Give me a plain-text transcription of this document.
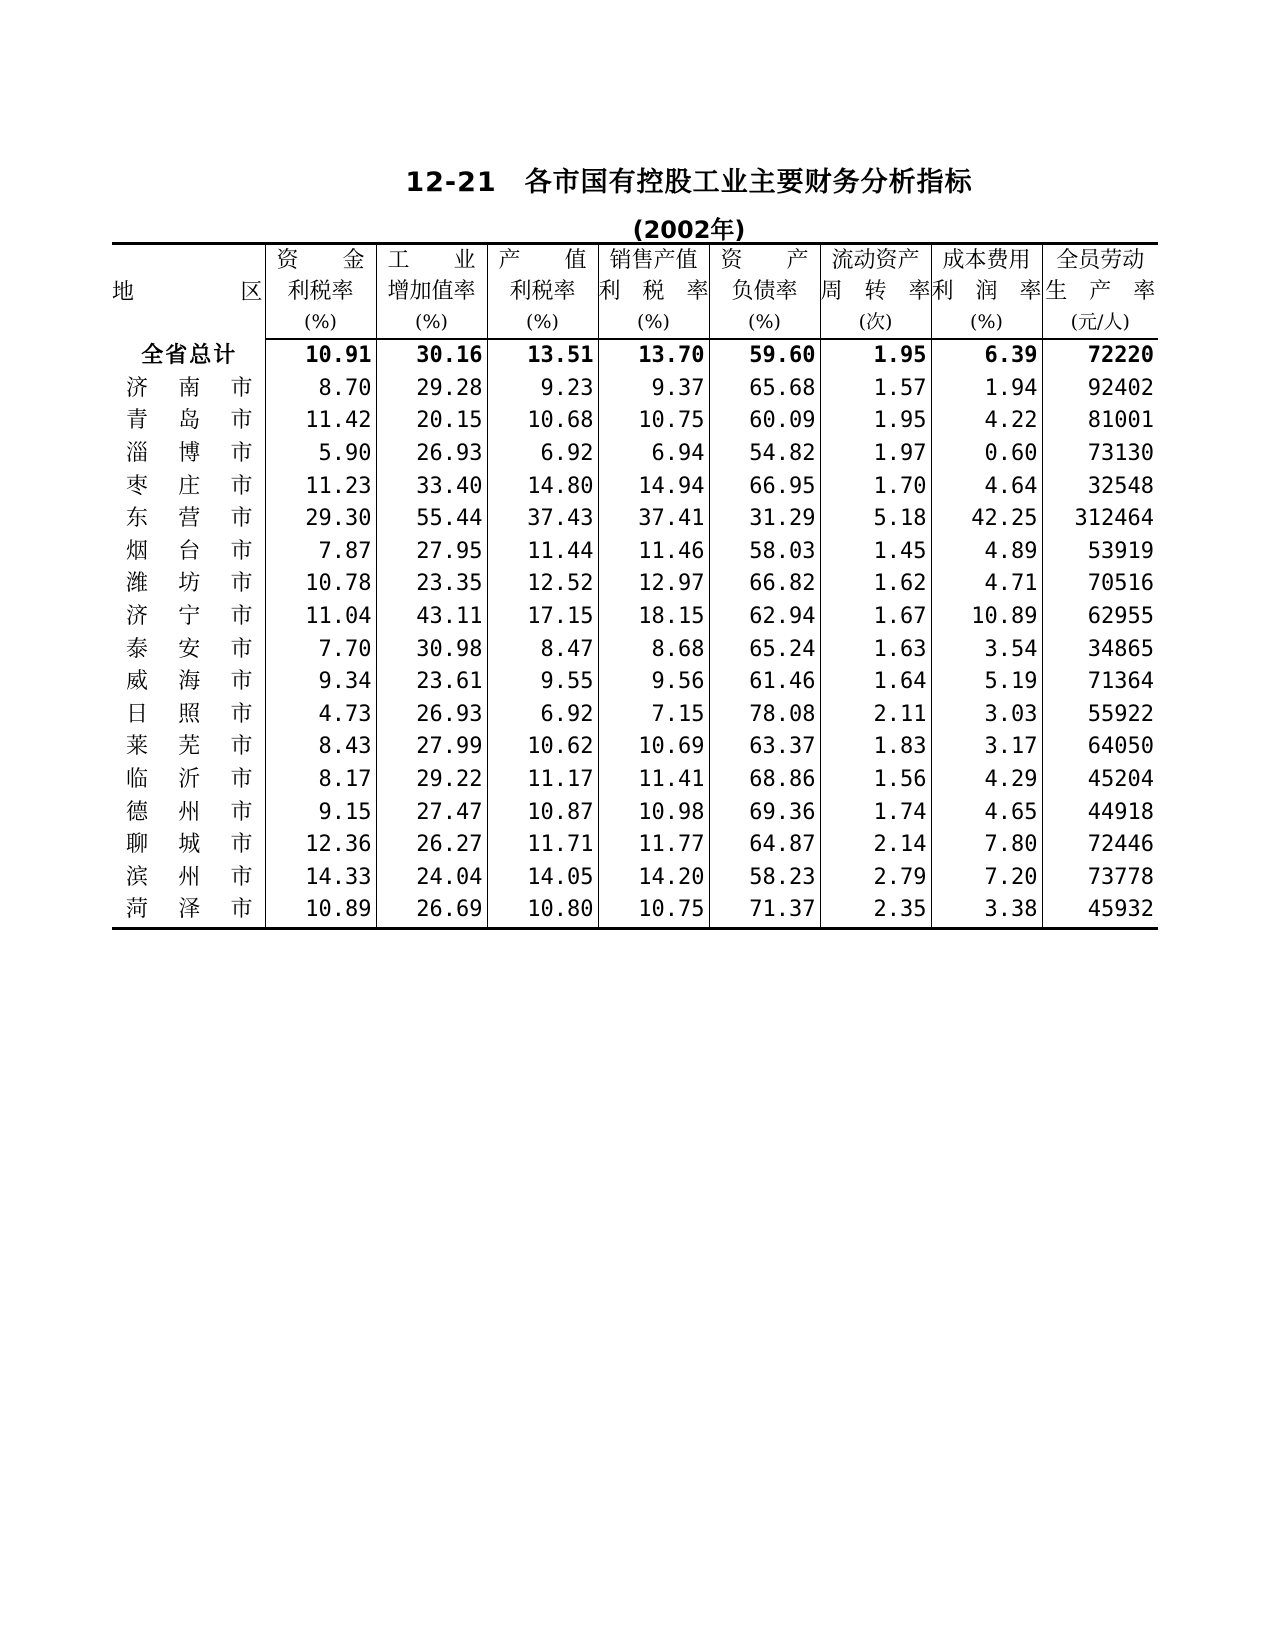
12-21　各市国有控股工业主要财务分析指标
(2002年)
地　　区	资　　金	工　　业	产　　值	销售产值	资　　产	流动资产	成本费用	全员劳动
	利税率	增加值率	利税率	利　税　率	负债率	周　转　率	利　润　率	生　产　率
	(%)	(%)	(%)	(%)	(%)	(次)	(%)	(元/人)

全省总计	10.91	30.16	13.51	13.70	59.60	1.95	6.39	72220

济 南 市	8.70	29.28	9.23	9.37	65.68	1.57	1.94	92402

青 岛 市	11.42	20.15	10.68	10.75	60.09	1.95	4.22	81001

淄 博 市	5.90	26.93	6.92	6.94	54.82	1.97	0.60	73130

枣 庄 市	11.23	33.40	14.80	14.94	66.95	1.70	4.64	32548

东 营 市	29.30	55.44	37.43	37.41	31.29	5.18	42.25	312464

烟 台 市	7.87	27.95	11.44	11.46	58.03	1.45	4.89	53919

潍 坊 市	10.78	23.35	12.52	12.97	66.82	1.62	4.71	70516

济 宁 市	11.04	43.11	17.15	18.15	62.94	1.67	10.89	62955

泰 安 市	7.70	30.98	8.47	8.68	65.24	1.63	3.54	34865

威 海 市	9.34	23.61	9.55	9.56	61.46	1.64	5.19	71364

日 照 市	4.73	26.93	6.92	7.15	78.08	2.11	3.03	55922

莱 芜 市	8.43	27.99	10.62	10.69	63.37	1.83	3.17	64050

临 沂 市	8.17	29.22	11.17	11.41	68.86	1.56	4.29	45204

德 州 市	9.15	27.47	10.87	10.98	69.36	1.74	4.65	44918

聊 城 市	12.36	26.27	11.71	11.77	64.87	2.14	7.80	72446

滨 州 市	14.33	24.04	14.05	14.20	58.23	2.79	7.20	73778

菏 泽 市	10.89	26.69	10.80	10.75	71.37	2.35	3.38	45932
